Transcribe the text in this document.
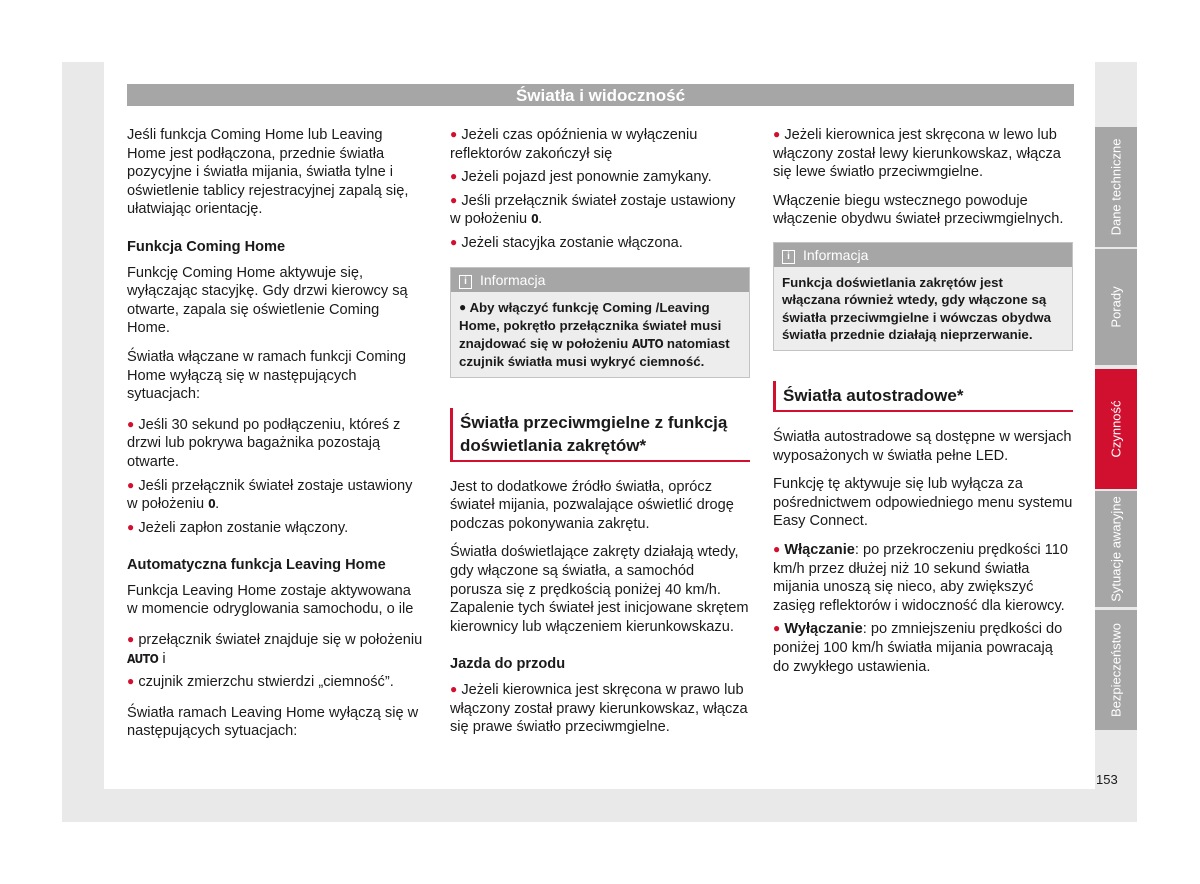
Światła i widoczność

Jeśli funkcja Coming Home lub Leaving Home jest podłączona, przednie światła pozycyjne i światła mijania, światła tylne i oświetlenie tablicy rejestracyjnej zapalą się, ułatwiając orientację.

Funkcja Coming Home

Funkcję Coming Home aktywuje się, wyłączając stacyjkę. Gdy drzwi kierowcy są otwarte, zapala się oświetlenie Coming Home.

Światła włączane w ramach funkcji Coming Home wyłączą się w następujących sytuacjach:

● Jeśli 30 sekund po podłączeniu, któreś z drzwi lub pokrywa bagażnika pozostają otwarte.

● Jeśli przełącznik świateł zostaje ustawiony w położeniu 0.

● Jeżeli zapłon zostanie włączony.

Automatyczna funkcja Leaving Home

Funkcja Leaving Home zostaje aktywowana w momencie odryglowania samochodu, o ile

● przełącznik świateł znajduje się w położeniu AUTO i

● czujnik zmierzchu stwierdzi „ciemność”.

Światła ramach Leaving Home wyłączą się w następujących sytuacjach:

● Jeżeli czas opóźnienia w wyłączeniu reflektorów zakończył się

● Jeżeli pojazd jest ponownie zamykany.

● Jeśli przełącznik świateł zostaje ustawiony w położeniu 0.

● Jeżeli stacyjka zostanie włączona.

i Informacja
● Aby włączyć funkcję Coming /Leaving Home, pokrętło przełącznika świateł musi znajdować się w położeniu AUTO natomiast czujnik światła musi wykryć ciemność.
Światła przeciwmgielne z funkcją doświetlania zakrętów*

Jest to dodatkowe źródło światła, oprócz świateł mijania, pozwalające oświetlić drogę podczas pokonywania zakrętu.

Światła doświetlające zakręty działają wtedy, gdy włączone są światła, a samochód porusza się z prędkością poniżej 40 km/h. Zapalenie tych świateł jest inicjowane skrętem kierownicy lub włączeniem kierunkowskazu.

Jazda do przodu

● Jeżeli kierownica jest skręcona w prawo lub włączony został prawy kierunkowskaz, włącza się prawe światło przeciwmgielne.

● Jeżeli kierownica jest skręcona w lewo lub włączony został lewy kierunkowskaz, włącza się lewe światło przeciwmgielne.

Włączenie biegu wstecznego powoduje włączenie obydwu świateł przeciwmgielnych.

i Informacja
Funkcja doświetlania zakrętów jest włączana również wtedy, gdy włączone są światła przeciwmgielne i wówczas obydwa światła przednie działają nieprzerwanie.
Światła autostradowe*

Światła autostradowe są dostępne w wersjach wyposażonych w światła pełne LED.

Funkcję tę aktywuje się lub wyłącza za pośrednictwem odpowiedniego menu systemu Easy Connect.

● Włączanie: po przekroczeniu prędkości 110 km/h przez dłużej niż 10 sekund światła mijania unoszą się nieco, aby zwiększyć zasięg reflektorów i widoczność dla kierowcy.

● Wyłączanie: po zmniejszeniu prędkości do poniżej 100 km/h światła mijania powracają do zwykłego ustawienia.

Dane techniczne
Porady
Czynność
Sytuacje awaryjne
Bezpieczeństwo
153
